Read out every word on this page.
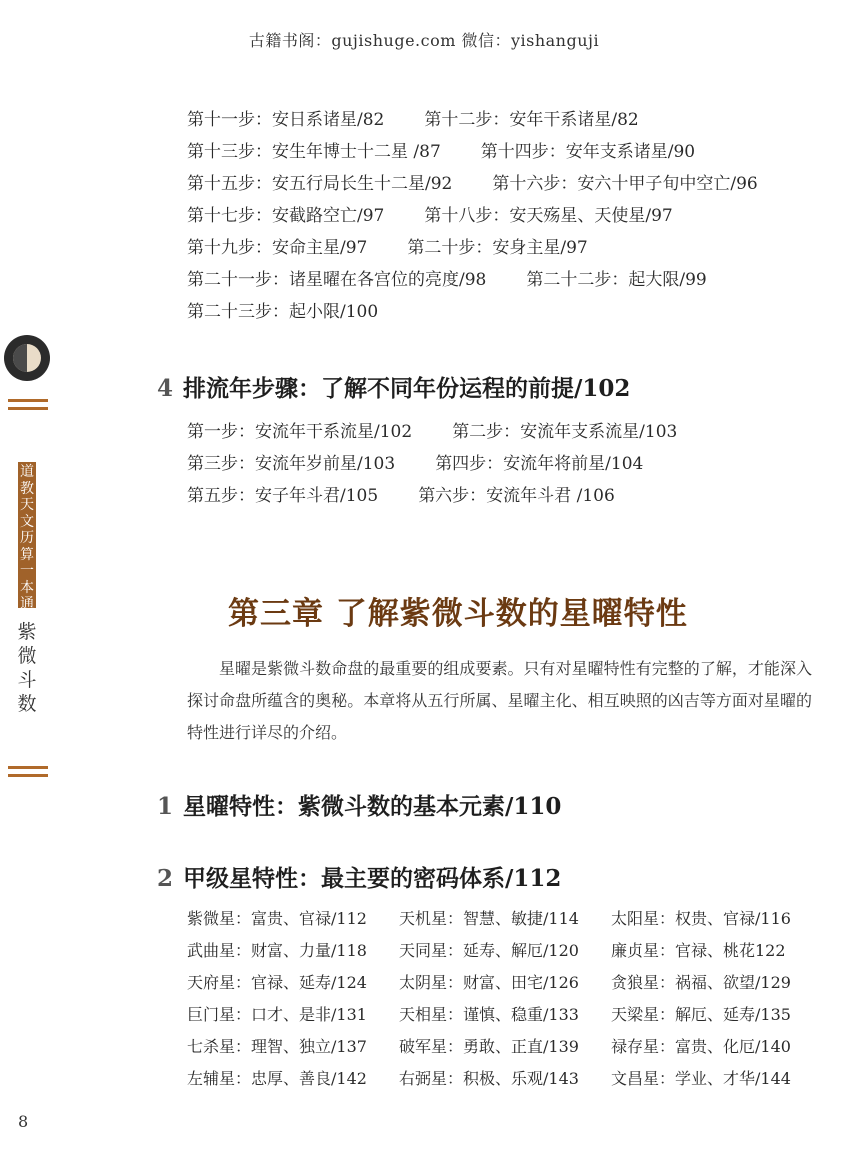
古籍书阁：gujishuge.com 微信：yishanguji
第十一步：安日系诸星/82 第十二步：安年干系诸星/82
第十三步：安生年博士十二星 /87 第十四步：安年支系诸星/90
第十五步：安五行局长生十二星/92 第十六步：安六十甲子旬中空亡/96
第十七步：安截路空亡/97 第十八步：安天殇星、天使星/97
第十九步：安命主星/97 第二十步：安身主星/97
第二十一步：诸星曜在各宫位的亮度/98 第二十二步：起大限/99
第二十三步：起小限/100
4 排流年步骤：了解不同年份运程的前提/102
第一步：安流年干系流星/102 第二步：安流年支系流星/103
第三步：安流年岁前星/103 第四步：安流年将前星/104
第五步：安子年斗君/105 第六步：安流年斗君 /106
第三章 了解紫微斗数的星曜特性

星曜是紫微斗数命盘的最重要的组成要素。只有对星曜特性有完整的了解，才能深入探讨命盘所蕴含的奥秘。本章将从五行所属、星曜主化、相互映照的凶吉等方面对星曜的特性进行详尽的介绍。

1 星曜特性：紫微斗数的基本元素/110
2 甲级星特性：最主要的密码体系/112
紫微星：富贵、官禄/112 天机星：智慧、敏捷/114 太阳星：权贵、官禄/116
武曲星：财富、力量/118 天同星：延寿、解厄/120 廉贞星：官禄、桃花122
天府星：官禄、延寿/124 太阴星：财富、田宅/126 贪狼星：祸福、欲望/129
巨门星：口才、是非/131 天相星：谨慎、稳重/133 天梁星：解厄、延寿/135
七杀星：理智、独立/137 破军星：勇敢、正直/139 禄存星：富贵、化厄/140
左辅星：忠厚、善良/142 右弼星：积极、乐观/143 文昌星：学业、才华/144
道
教
天
文
历
算
一
本
通
紫
微
斗
数
8
